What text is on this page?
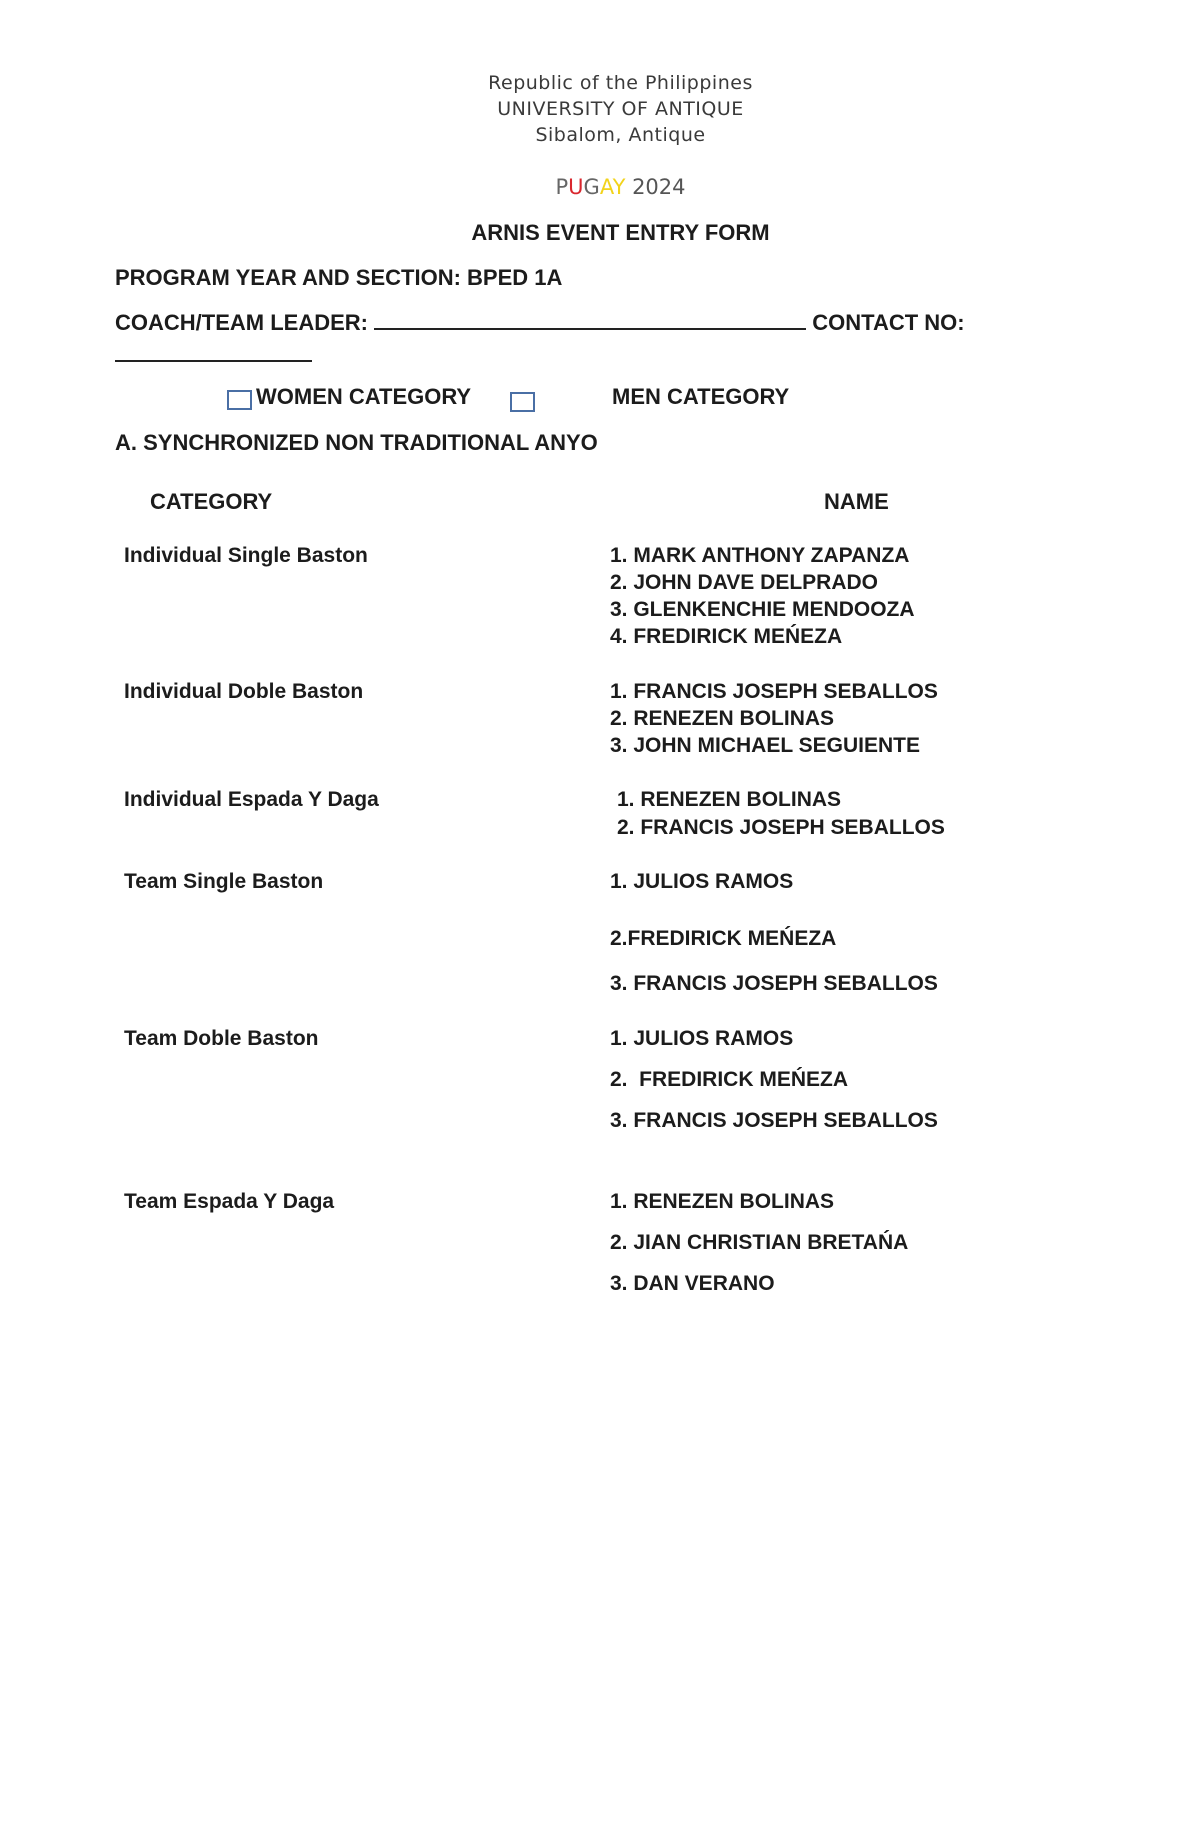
Republic of the Philippines
UNIVERSITY OF ANTIQUE
Sibalom, Antique
PUGAY 2024
ARNIS EVENT ENTRY FORM
PROGRAM YEAR AND SECTION: BPED 1A
COACH/TEAM LEADER:	CONTACT NO:
WOMEN CATEGORY	MEN CATEGORY
A. SYNCHRONIZED NON TRADITIONAL ANYO
CATEGORY	NAME
Individual Single Baston	1. MARK ANTHONY ZAPANZA
2. JOHN DAVE DELPRADO
3. GLENKENCHIE MENDOOZA
4. FREDIRICK MEŃEZA
Individual Doble Baston	1. FRANCIS JOSEPH SEBALLOS
2. RENEZEN BOLINAS
3. JOHN MICHAEL SEGUIENTE
Individual Espada Y Daga	1. RENEZEN BOLINAS
2. FRANCIS JOSEPH SEBALLOS
Team Single Baston	1. JULIOS RAMOS
2.FREDIRICK MEŃEZA
3. FRANCIS JOSEPH SEBALLOS
Team Doble Baston	1. JULIOS RAMOS
2.  FREDIRICK MEŃEZA
3. FRANCIS JOSEPH SEBALLOS
Team Espada Y Daga	1. RENEZEN BOLINAS
2. JIAN CHRISTIAN BRETAŃA
3. DAN VERANO
